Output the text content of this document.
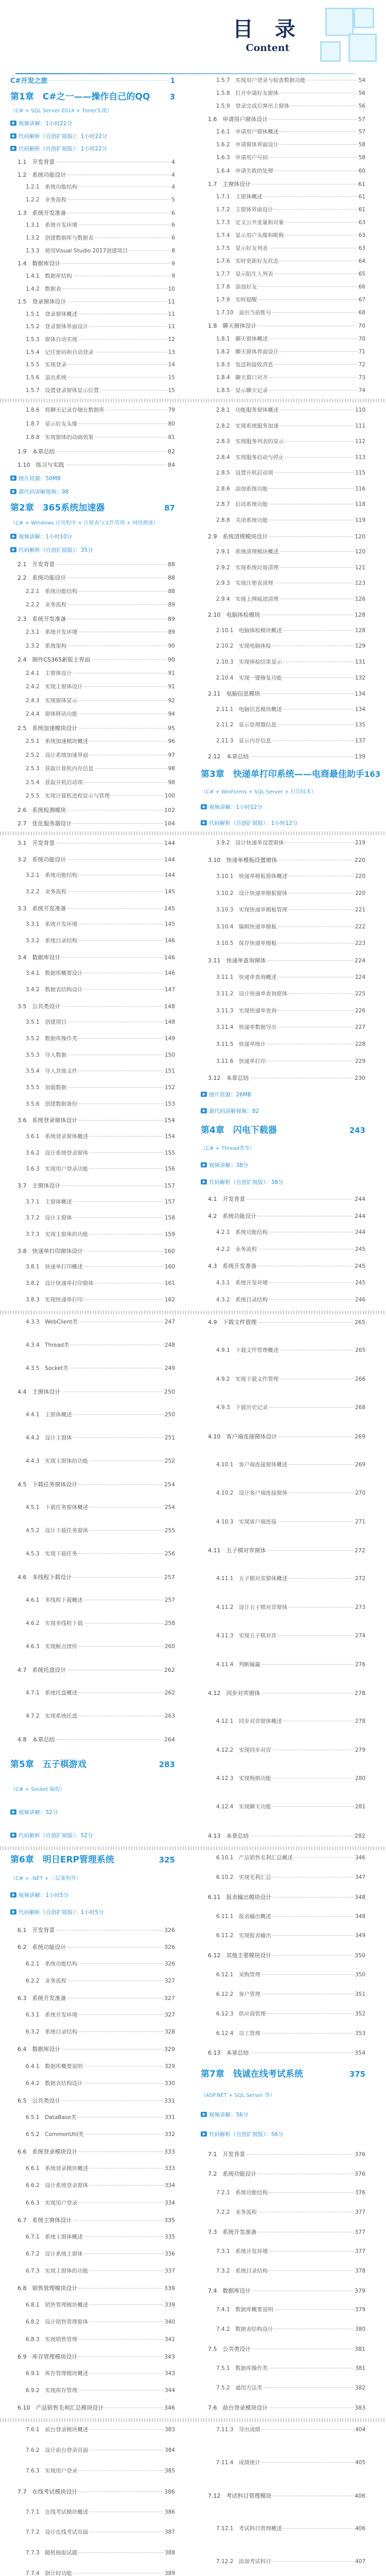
目 录
Content
C#开发之旅	1
第1章　C#之一——操作自己的QQ	3
（C# + SQL Server 2014 + Timer实现）
视频讲解：1小时22分
代码解析（自创扩展版）：1小时22分
代码解析（自创扩展版）：1小时22分
1.1　开发背景	4
1.2　系统功能设计	4
1.2.1　系统功能结构	4
1.2.2　业务流程	5
1.3　系统开发准备	6
1.3.1　系统开发环境	6
1.3.2　创建数据库与数据表	6
1.3.3　使用Visual Studio 2017创建项目	8
1.4　数据库设计	9
1.4.1　数据库结构	9
1.4.2　数据表	10
1.5　登录窗体设计	11
1.5.1　登录窗体概述	11
1.5.2　登录窗体界面设计	11
1.5.3　窗体自动实现	12
1.5.4　记住密码和自动登录	13
1.5.5　实现登录	14
1.5.6　退出系统	15
1.5.7　设置登录窗体显示位置	15
1.5.7　实现用户登录与检查数据功能	54
1.5.8　打开申请好友窗体	56
1.5.9　登录完成后弹出主窗体	56
1.6　申请用户窗体设计	57
1.6.1　申请用户窗体概述	57
1.6.2　申请窗体界面设计	58
1.6.3　申请用户号码	58
1.6.4　申请失败的处理	60
1.7　主窗体设计	61
1.7.1　主窗体概述	61
1.7.2　主窗体界面设计	61
1.7.3　定义公共变量和对象	63
1.7.4　显示用户头像和昵称	63
1.7.5　显示好友列表	63
1.7.6　实时更新好友状态	64
1.7.7　显示陌生人列表	65
1.7.8　添加好友	66
1.7.9　实时提醒	67
1.7.10　退出当前账号	68
1.8　聊天窗体设计	70
1.8.1　聊天窗体概述	70
1.8.2　聊天窗体界面设计	71
1.8.3　发送和接收消息	72
1.8.4　聊天窗口对齐	73
1.8.5　显示聊天记录	74
1.8.6　将聊天记录存储在数据库	79
1.8.7　显示好友头像	80
1.8.8　实现窗体的动画效果	81
1.9　本章总结	82
1.10　练习与实践	84
图片资源：50MB
源代码讲解视频：98
第2章　365系统加速器	87
（C# + Windows 应用程序 + 注册表与文件管理 + 网络测速）
视频讲解：1小时10分
代码解析（自创扩展版）：35分
2.1　开发背景	88
2.2　系统功能设计	88
2.2.1　系统功能结构	88
2.2.2　业务流程	89
2.3　系统开发准备	89
2.3.1　系统开发环境	89
2.3.2　系统架构	90
2.4　制作CS365新版主界面	90
2.4.1　主窗体设计	91
2.4.2　实现主窗体设计	91
2.4.3　实现窗体显示	92
2.4.4　窗体移动功能	94
2.5　系统加速模块设计	95
2.5.1　系统加速模块概述	96
2.5.2　设计系统加速界面	97
2.5.3　获取计算机内存信息	98
2.5.4　获取开机启动项	98
2.5.5　实现计算机进程显示与管理	100
2.6　系统检测模块	102
2.7　优化服务器设计	104
2.8.1　功能服务窗体概述	110
2.8.2　实现系统服务加速	111
2.8.3　实现服务列表的显示	112
2.8.4　实现服务启动与停止	113
2.8.5　设置开机启动项	115
2.8.6　添加系统功能	116
2.8.7　启动系统功能	118
2.8.8　关闭系统功能	119
2.9　系统清理模块设计	120
2.9.1　系统清理模块概述	120
2.9.2　实现系统垃圾清理	121
2.9.3　实现注册表清理	123
2.9.4　实现上网痕迹清理	126
2.10　电脑体检模块	128
2.10.1　电脑体检模块概述	128
2.10.2　实现电脑体检	129
2.10.3　实现体检结果显示	131
2.10.4　实现一键修复功能	132
2.11　电脑信息模块	134
2.11.1　电脑信息模块概述	134
2.11.2　显示处理器信息	135
2.11.3　显示内存信息	137
2.12　本章总结	139
第3章　快递单打印系统——电商最佳助手 163
（C# + WinForms + SQL Server + 打印技术）
视频讲解：1小时12分
代码解析（自创扩展版）：1小时12分
3.1　开发背景	144
3.2　系统功能设计	144
3.2.1　系统功能结构	144
3.2.2　业务流程	145
3.3　系统开发准备	145
3.3.1　系统开发环境	145
3.3.2　系统目录结构	146
3.4　数据库设计	146
3.4.1　数据库概要设计	146
3.4.2　数据表结构设计	147
3.5　公共类设计	148
3.5.1　创建项目	148
3.5.2　数据库操作类	149
3.5.3　导入数据	150
3.5.4　导入其他文件	151
3.5.5　加载数据	152
3.5.6　创建数据备份	153
3.6　系统登录窗体设计	154
3.6.1　系统登录窗体概述	154
3.6.2　设计系统登录窗体	155
3.6.3　实现用户登录功能	156
3.7　主窗体设计	157
3.7.1　主窗体概述	157
3.7.2　设计主窗体	158
3.7.3　实现主窗体的功能	159
3.8　快递单打印窗体设计	160
3.8.1　快递单打印概述	160
3.8.2　设计快递单打印窗体	161
3.8.3　实现快递单打印	162
3.9.2　设计快递单设置窗体	219
3.10　快递单模板设置窗体	220
3.10.1　快递单模板窗体概述	220
3.10.2　设计快递单模板窗体	220
3.10.3　实现快递单模板管理	221
3.10.4　编辑快递单模板	222
3.10.5　保存快递单模板	223
3.11　快递单查询窗体	224
3.11.1　快递单查询概述	224
3.11.2　设计快递单查询窗体	225
3.11.3　实现快递单查询	226
3.11.4　快递单数据导出	227
3.11.5　快递单统计	228
3.11.6　快递单打印	229
3.12　本章总结	230
图片资源：26MB
源代码讲解视频：82
第4章　闪电下载器	243
（C# + Thread类等）
视频讲解：38分
代码解析（自创扩展版）：38分
4.1　开发背景	244
4.2　系统功能设计	244
4.2.1　系统功能结构	244
4.2.2　业务流程	245
4.3　系统开发准备	245
4.3.1　系统开发环境	245
4.3.2　系统目录结构	246
4.3.3　WebClient类	247
4.3.4　Thread类	248
4.3.5　Socket类	249
4.4　主窗体设计	250
4.4.1　主窗体概述	250
4.4.2　设计主窗体	251
4.4.3　实现主窗体的功能	252
4.5　下载任务窗体设计	254
4.5.1　下载任务窗体概述	254
4.5.2　设计下载任务窗体	255
4.5.3　实现下载任务	256
4.6　多线程下载设计	257
4.6.1　多线程下载概述	257
4.6.2　实现多线程下载	258
4.6.3　实现断点续传	260
4.7　系统托盘设计	262
4.7.1　系统托盘概述	262
4.7.2　实现系统托盘	263
4.8　本章总结	264
第5章　五子棋游戏	283
（C# + Socket 编程）
视频讲解：52分
代码解析（自创扩展版）：52分
4.9　下载文件管理	265
4.9.1　下载文件管理概述	265
4.9.2　实现下载文件管理	266
4.9.3　下载历史记录	268
4.10　客户端连接窗体设计	269
4.10.1　客户端连接窗体概述	269
4.10.2　设计客户端连接窗体	270
4.10.3　实现客户端连接	271
4.11　五子棋对弈窗体	272
4.11.1　五子棋对弈窗体概述	272
4.11.2　设计五子棋对弈窗体	273
4.11.3　实现五子棋对弈	274
4.11.4　判断输赢	276
4.12　同步对弈窗体	278
4.12.1　同步对弈窗体概述	278
4.12.2　实现同步对弈	279
4.12.3　实现悔棋功能	280
4.12.4　实现聊天功能	281
4.13　本章总结	282
第6章　明日ERP管理系统	325
（C# + .NET + 三层架构等）
视频讲解：1小时5分
代码解析（自创扩展版）：1小时5分
6.1　开发背景	326
6.2　系统功能设计	326
6.2.1　系统功能结构	326
6.2.2　业务流程	327
6.3　系统开发准备	327
6.3.1　系统开发环境	327
6.3.2　系统目录结构	328
6.4　数据库设计	329
6.4.1　数据库概要说明	329
6.4.2　数据表结构设计	330
6.5　公共类设计	331
6.5.1　DataBase类	331
6.5.2　CommonUtil类	332
6.6　系统登录模块设计	333
6.6.1　系统登录模块概述	333
6.6.2　设计系统登录窗体	334
6.6.3　实现用户登录	334
6.7　系统主窗体设计	335
6.7.1　系统主窗体概述	335
6.7.2　设计系统主窗体	336
6.7.3　实现主窗体的功能	337
6.8　销售管理模块设计	339
6.8.1　销售管理模块概述	339
6.8.2　设计销售管理窗体	340
6.8.3　实现销售管理	341
6.9　库存管理模块设计	343
6.9.1　库存管理模块概述	343
6.9.2　实现库存管理	344
6.10　产品销售毛利汇总模块设计	346
6.10.1　产品销售毛利汇总概述	346
6.10.2　实现毛利汇总	347
6.11　报表输出模块设计	348
6.11.1　报表输出概述	348
6.11.2　实现报表输出	349
6.12　其他主要模块设计	350
6.12.1　采购管理	350
6.12.2　客户管理	351
6.12.3　供应商管理	352
6.12.4　员工管理	353
6.13　本章总结	354
第7章　钱诚在线考试系统	375
（ASP.NET + SQL Server 等）
视频讲解：56分
代码解析（自创扩展版）：56分
7.1　开发背景	376
7.2　系统功能设计	376
7.2.1　系统功能结构	376
7.2.2　业务流程	377
7.3　系统开发准备	377
7.3.1　系统开发环境	377
7.3.2　系统目录结构	378
7.4　数据库设计	379
7.4.1　数据库概要说明	379
7.4.2　数据表结构设计	380
7.5　公共类设计	381
7.5.1　数据库操作类	381
7.5.2　通用方法类	382
7.6　前台登录模块设计	383
7.6.1　前台登录模块概述	383
7.6.2　设计前台登录页面	384
7.6.3　实现用户登录	385
7.7　在线考试模块设计	386
7.7.1　在线考试模块概述	386
7.7.2　设计在线考试页面	387
7.7.3　随机抽取试题	388
7.7.4　倒计时功能	389
7.11.3　导出成绩	404
7.11.4　成绩统计	405
7.12　考试科目管理模块	406
7.12.1　考试科目管理概述	406
7.12.2　添加考试科目	407
